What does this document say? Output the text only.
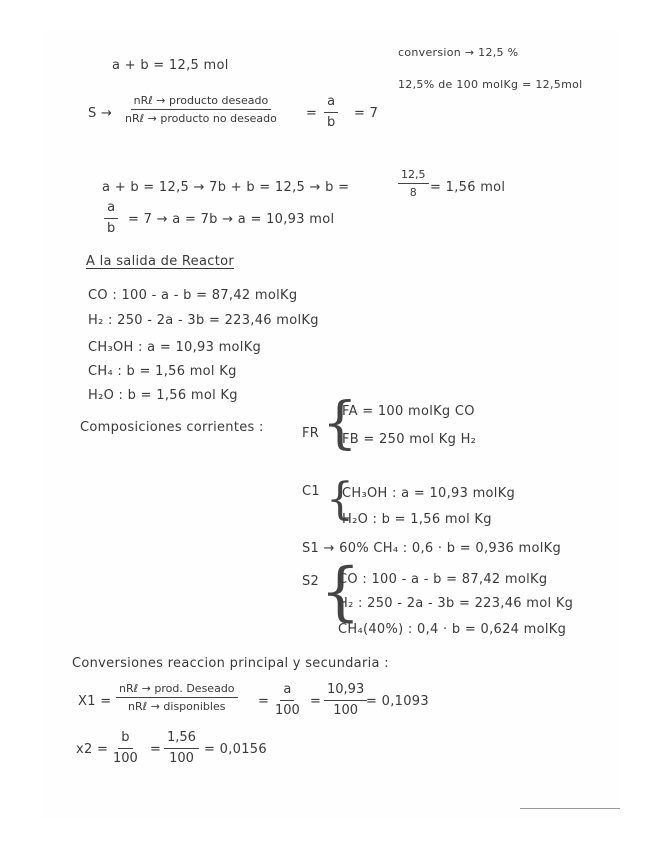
conversion → 12,5 %
12,5% de 100 molKg = 12,5mol
a + b = 12,5 mol
S →
nRℓ → producto deseado
nRℓ → producto no deseado = $\frac{a}{b} = 7$
a + b = 12,5 → 7b + b = 12,5 → b =	$\frac{12,5}{8} = 1,56$ mol
$\frac{a}{b} = 7 \to a = 7b \to a = 10,93$ mol
A la salida de Reactor
CO : 100 - a - b = 87,42 molKg
H₂ : 250 - 2a - 3b = 223,46 molKg
CH₃OH : a = 10,93 molKg
CH₄ : b = 1,56 mol Kg
H₂O : b = 1,56 mol Kg
Composiciones corrientes :	FR {
FA = 100 molKg CO
FB = 250 mol Kg H₂
C1 {
CH₃OH : a = 10,93 molKg
H₂O : b = 1,56 mol Kg
S1 → 60% CH₄ : 0,6 · b = 0,936 molKg
S2 {
CO : 100 - a - b = 87,42 molKg
H₂ : 250 - 2a - 3b = 223,46 mol Kg
CH₄(40%) : 0,4 · b = 0,624 molKg
Conversiones reaccion principal y secundaria :
X1 =
nRℓ → prod. Deseado
nRℓ → disponibles	= $\frac{a}{100} = \frac{10,93}{100}$
= 0,1093
$x2 = \frac{b}{100} = \frac{1,56}{100} = 0,0156$
